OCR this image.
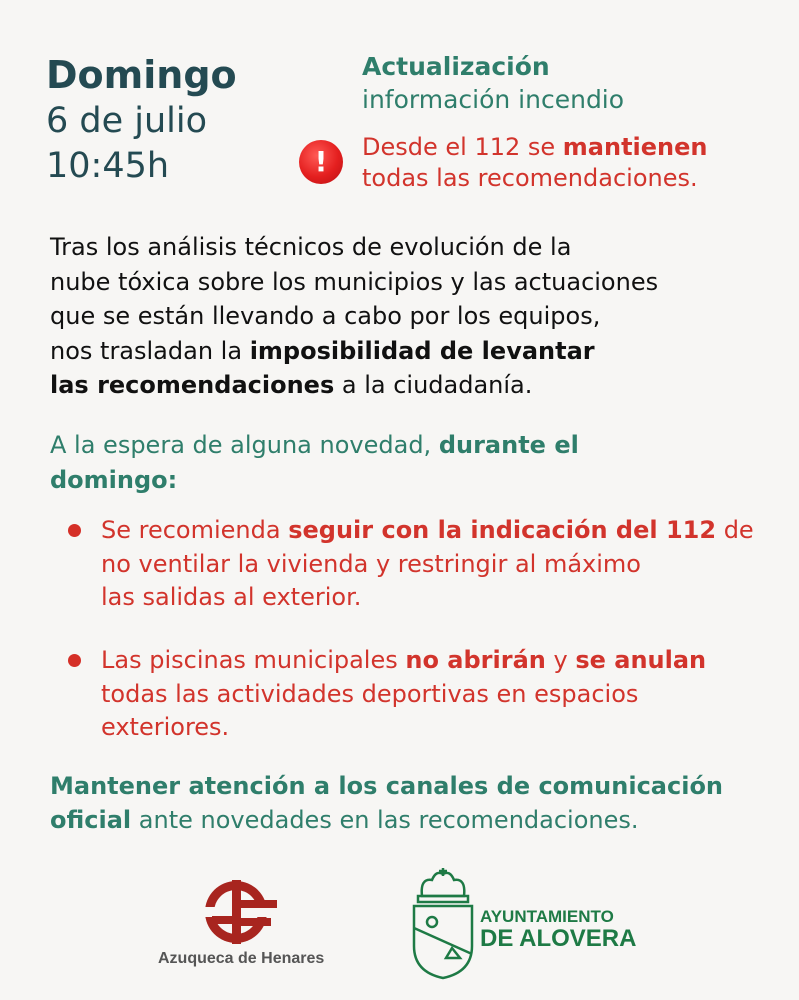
Domingo
6 de julio
10:45h
Actualización
información incendio
!	Desde el 112 se mantienen
todas las recomendaciones.
Tras los análisis técnicos de evolución de la
nube tóxica sobre los municipios y las actuaciones
que se están llevando a cabo por los equipos,
nos trasladan la imposibilidad de levantar
las recomendaciones a la ciudadanía.
A la espera de alguna novedad, durante el
domingo:
Se recomienda seguir con la indicación del 112 de
no ventilar la vivienda y restringir al máximo
las salidas al exterior.
Las piscinas municipales no abrirán y se anulan
todas las actividades deportivas en espacios
exteriores.
Mantener atención a los canales de comunicación
oficial ante novedades en las recomendaciones.
Azuqueca de Henares
AYUNTAMIENTO
DE ALOVERA
